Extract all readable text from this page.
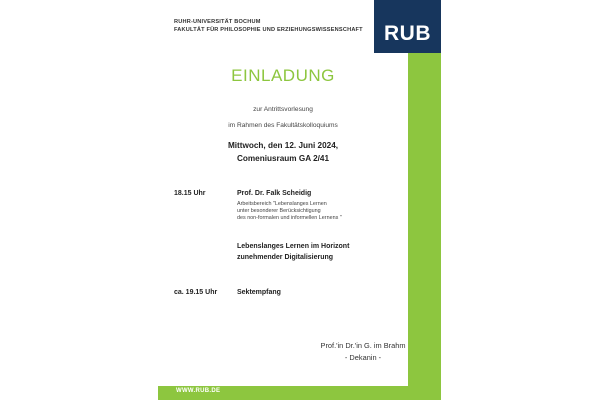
WWW.RUB.DE
RUB
RUHR-UNIVERSITÄT BOCHUM
FAKULTÄT FÜR PHILOSOPHIE UND ERZIEHUNGSWISSENSCHAFT
EINLADUNG
zur Antrittsvorlesung
im Rahmen des Fakultätskolloquiums
Mittwoch, den 12. Juni 2024,
Comeniusraum GA 2/41
18.15 Uhr	Prof. Dr. Falk Scheidig
Arbeitsbereich "Lebenslanges Lernen
unter besonderer Berücksichtigung
des non-formalen und informellen Lernens "
Lebenslanges Lernen im Horizont
zunehmender Digitalisierung
ca. 19.15 Uhr	Sektempfang
Prof.'in Dr.'in G. im Brahm
- Dekanin -
